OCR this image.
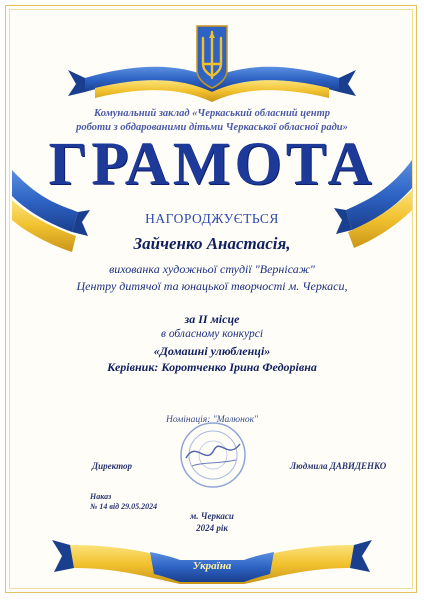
Комунальний заклад «Черкаський обласний центр
роботи з обдарованими дітьми Черкаської обласної ради»
ГРАМОТА
НАГОРОДЖУЄТЬСЯ
Зайченко Анастасія,
вихованка художньої студії "Вернісаж"
Центру дитячої та юнацької творчості м. Черкаси,
за ІІ місце
в обласному конкурсі
«Домашні улюбленці»
Керівник: Коротченко Ірина Федорівна
Номінація: "Малюнок"
Директор	Людмила ДАВИДЕНКО
Наказ
№ 14 від 29.05.2024
м. Черкаси
2024 рік
Україна
